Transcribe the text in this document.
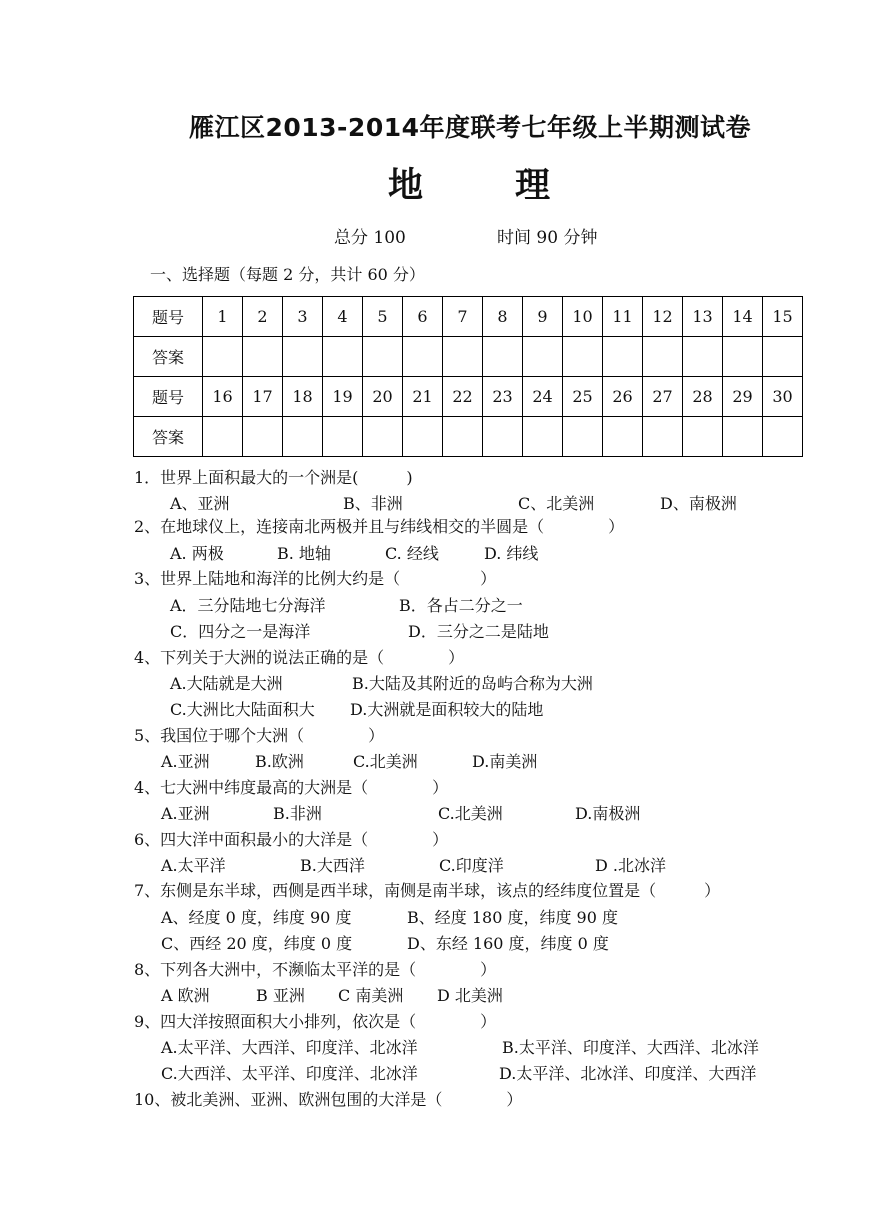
雁江区2013-2014年度联考七年级上半期测试卷
地	理
总分 100	时间 90 分钟
一、选择题（每题 2 分，共计 60 分）
题号	1	2	3	4	5	6	7	8	9	10	11	12	13	14	15
答案															
题号	16	17	18	19	20	21	22	23	24	25	26	27	28	29	30
答案															
1．世界上面积最大的一个洲是(　　　)
A、亚洲	B、非洲	C、北美洲	D、南极洲
2、在地球仪上，连接南北两极并且与纬线相交的半圆是（　　　　）
A. 两极	B. 地轴	C. 经线	D. 纬线
3、世界上陆地和海洋的比例大约是（　　　　　）
A．三分陆地七分海洋	B．各占二分之一
C．四分之一是海洋	D．三分之二是陆地
4、下列关于大洲的说法正确的是（　　　　）
A.大陆就是大洲	B.大陆及其附近的岛屿合称为大洲
C.大洲比大陆面积大 D.大洲就是面积较大的陆地
5、我国位于哪个大洲（　　　　）
A.亚洲	B.欧洲	C.北美洲	D.南美洲
4、七大洲中纬度最高的大洲是（　　　　）
A.亚洲	B.非洲	C.北美洲	D.南极洲
6、四大洋中面积最小的大洋是（　　　　）
A.太平洋	B.大西洋	C.印度洋	D .北冰洋
7、东侧是东半球，西侧是西半球，南侧是南半球，该点的经纬度位置是（　　　）
A、经度 0 度，纬度 90 度	B、经度 180 度，纬度 90 度
C、西经 20 度，纬度 0 度	D、东经 160 度，纬度 0 度
8、下列各大洲中，不濒临太平洋的是（　　　　）
A 欧洲	B 亚洲 C 南美洲 D 北美洲
9、四大洋按照面积大小排列，依次是（　　　　）
A.太平洋、大西洋、印度洋、北冰洋	B.太平洋、印度洋、大西洋、北冰洋
C.大西洋、太平洋、印度洋、北冰洋	D.太平洋、北冰洋、印度洋、大西洋
10、被北美洲、亚洲、欧洲包围的大洋是（　　　　）
